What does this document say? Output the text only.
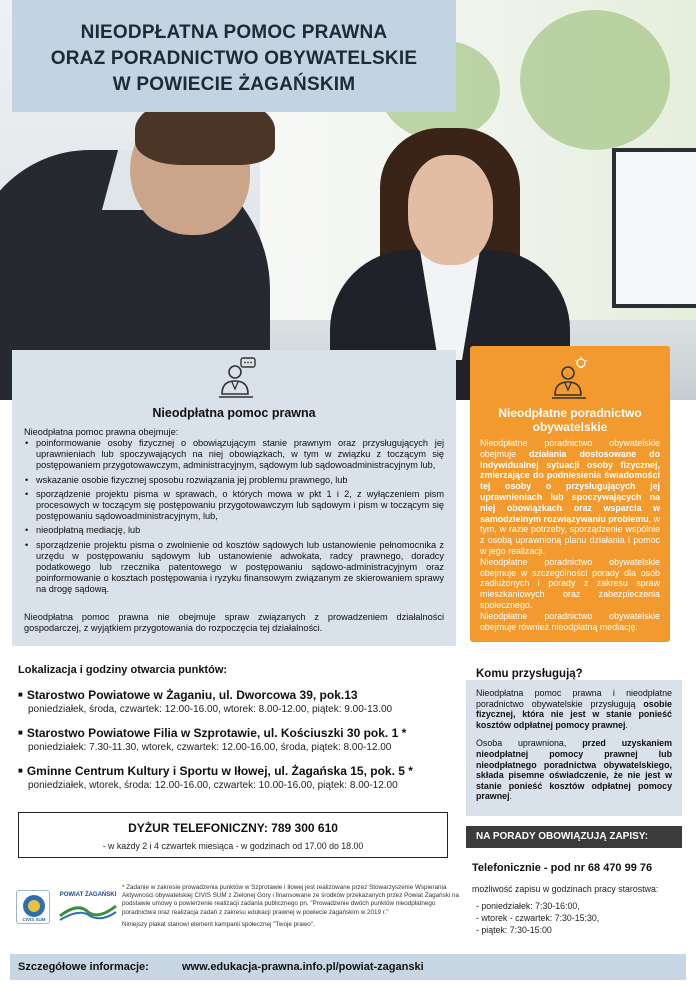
NIEODPŁATNA POMOC PRAWNA
ORAZ PORADNICTWO OBYWATELSKIE
W POWIECIE ŻAGAŃSKIM
Nieodpłatna pomoc prawna
Nieodpłatna pomoc prawna obejmuje:
• poinformowanie osoby fizycznej o obowiązującym stanie prawnym oraz przysługujących jej uprawnieniach lub spoczywających na niej obowiązkach, w tym w związku z toczącym się postępowaniem przygotowawczym, administracyjnym, sądowym lub sądowoadministracyjnym lub,
• wskazanie osobie fizycznej sposobu rozwiązania jej problemu prawnego, lub
• sporządzenie projektu pisma w sprawach, o których mowa w pkt 1 i 2, z wyłączeniem pism procesowych w toczącym się postępowaniu przygotowawczym lub sądowym i pism w toczącym się postępowaniu sądowoadministracyjnym, lub,
• nieodpłatną mediację, lub
• sporządzenie projektu pisma o zwolnienie od kosztów sądowych lub ustanowienie pełnomocnika z urzędu w postępowaniu sądowym lub ustanowienie adwokata, radcy prawnego, doradcy podatkowego lub rzecznika patentowego w postępowaniu sądowo-administracyjnym oraz poinformowanie o kosztach postępowania i ryzyku finansowym związanym ze skierowaniem sprawy na drogę sądową.
Nieodpłatna pomoc prawna nie obejmuje spraw związanych z prowadzeniem działalności gospodarczej, z wyjątkiem przygotowania do rozpoczęcia tej działalności.
Nieodpłatne poradnictwo obywatelskie
Nieodpłatne poradnictwo obywatelskie obejmuje działania dostosowane do indywidualnej sytuacji osoby fizycznej, zmierzające do podniesienia świadomości tej osoby o przysługujących jej uprawnieniach lub spoczywających na niej obowiązkach oraz wsparcia w samodzielnym rozwiązywaniu problemu, w tym, w razie potrzeby, sporządzenie wspólnie z osobą uprawnioną planu działania i pomoc w jego realizacji.
Nieodpłatne poradnictwo obywatelskie obejmuje w szczególności porady dla osób zadłużonych i porady z zakresu spraw mieszkaniowych oraz zabezpieczenia społecznego.
Nieodpłatne poradnictwo obywatelskie obejmuje również nieodpłatną mediację.
Lokalizacja i godziny otwarcia punktów:
■ Starostwo Powiatowe w Żaganiu, ul. Dworcowa 39, pok.13
poniedziałek, środa, czwartek: 12.00-16.00, wtorek: 8.00-12.00, piątek: 9.00-13.00
■ Starostwo Powiatowe Filia w Szprotawie, ul. Kościuszki 30 pok. 1 *
poniedziałek: 7.30-11.30, wtorek, czwartek: 12.00-16.00, środa, piątek: 8.00-12.00
■ Gminne Centrum Kultury i Sportu w Iłowej, ul. Żagańska 15, pok. 5 *
poniedziałek, wtorek, środa: 12.00-16.00, czwartek: 10.00-16.00, piątek: 8.00-12.00
DYŻUR TELEFONICZNY: 789 300 610
- w każdy 2 i 4 czwartek miesiąca - w godzinach od 17.00 do 18.00
Komu przysługują?

Nieodpłatna pomoc prawna i nieodpłatne poradnictwo obywatelskie przysługują osobie fizycznej, która nie jest w stanie ponieść kosztów odpłatnej pomocy prawnej.

Osoba uprawniona, przed uzyskaniem nieodpłatnej pomocy prawnej lub nieodpłatnego poradnictwa obywatelskiego, składa pisemne oświadczenie, że nie jest w stanie ponieść kosztów odpłatnej pomocy prawnej.

NA PORADY OBOWIĄZUJĄ ZAPISY:
Telefonicznie - pod nr 68 470 99 76
możliwość zapisu w godzinach pracy starostwa:
- poniedziałek: 7:30-16:00,
- wtorek - czwartek: 7:30-15:30,
- piątek: 7:30-15:00
CIVIS SUM
POWIAT ŻAGAŃSKI
* Zadanie w zakresie prowadzenia punktów w Szprotawie i Iłowej jest realizowane przez Stowarzyszenie Wspierania Aktywności obywatelskiej CIVIS SUM z Zielonej Góry i finansowane ze środków przekazanych przez Powiat Żagański na podstawie umowy o powierzenie realizacji zadania publicznego pn. "Prowadzenie dwóch punktów nieodpłatnego poradnictwa oraz realizacja zadań z zakresu edukacji prawnej w powiecie żagańskim w 2019 r."
Niniejszy plakat stanowi element kampanii społecznej "Twoje prawo".
Szczegółowe informacje:	www.edukacja-prawna.info.pl/powiat-zaganski
